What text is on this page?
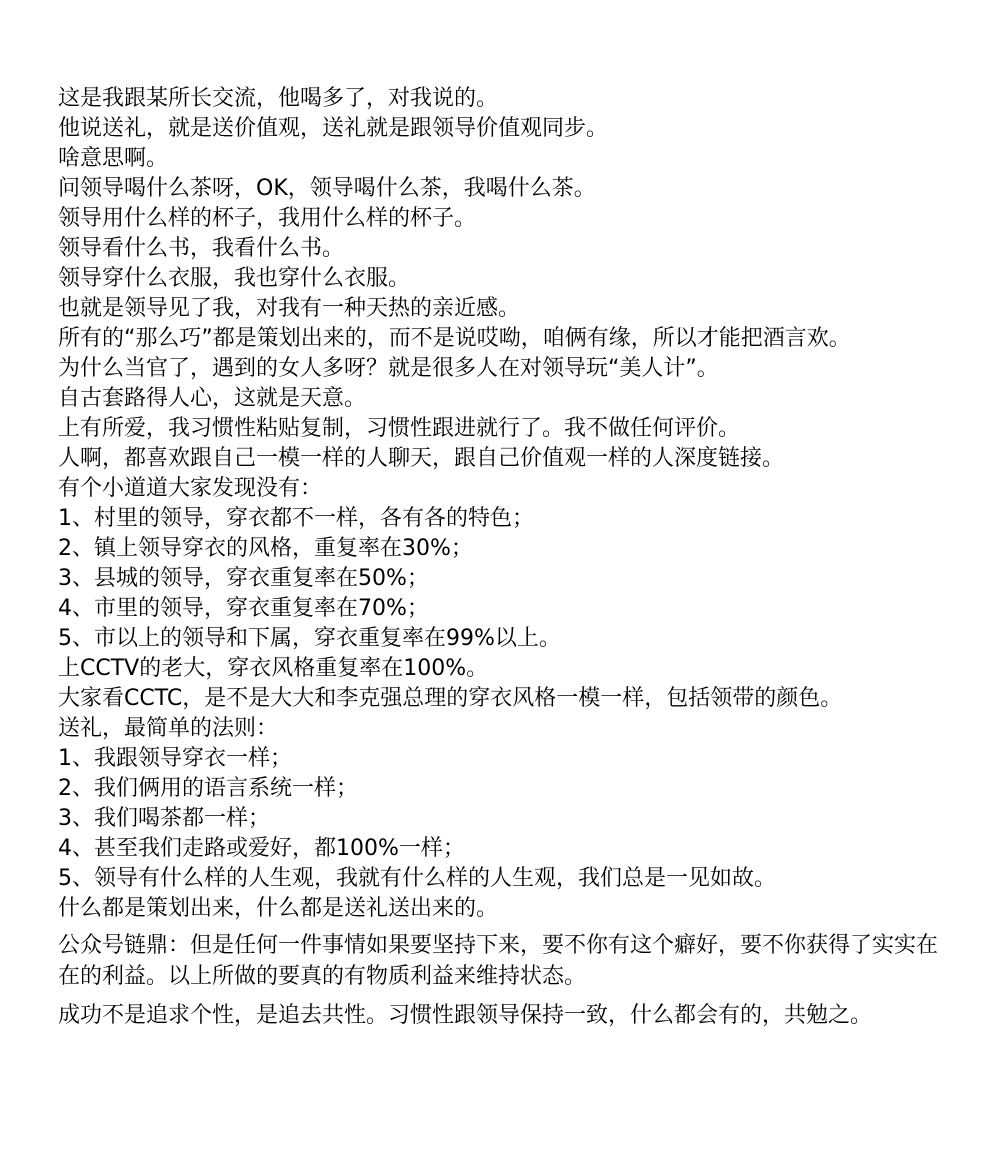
这是我跟某所长交流，他喝多了，对我说的。
他说送礼，就是送价值观，送礼就是跟领导价值观同步。
啥意思啊。
问领导喝什么茶呀，OK，领导喝什么茶，我喝什么茶。
领导用什么样的杯子，我用什么样的杯子。
领导看什么书，我看什么书。
领导穿什么衣服，我也穿什么衣服。
也就是领导见了我，对我有一种天热的亲近感。
所有的“那么巧”都是策划出来的，而不是说哎呦，咱俩有缘，所以才能把酒言欢。
为什么当官了，遇到的女人多呀？就是很多人在对领导玩“美人计”。
自古套路得人心，这就是天意。
上有所爱，我习惯性粘贴复制，习惯性跟进就行了。我不做任何评价。
人啊，都喜欢跟自己一模一样的人聊天，跟自己价值观一样的人深度链接。
有个小道道大家发现没有：
1、村里的领导，穿衣都不一样，各有各的特色；
2、镇上领导穿衣的风格，重复率在30%；
3、县城的领导，穿衣重复率在50%；
4、市里的领导，穿衣重复率在70%；
5、市以上的领导和下属，穿衣重复率在99%以上。
上CCTV的老大，穿衣风格重复率在100%。
大家看CCTC，是不是大大和李克强总理的穿衣风格一模一样，包括领带的颜色。
送礼，最简单的法则：
1、我跟领导穿衣一样；
2、我们俩用的语言系统一样；
3、我们喝茶都一样；
4、甚至我们走路或爱好，都100%一样；
5、领导有什么样的人生观，我就有什么样的人生观，我们总是一见如故。
什么都是策划出来，什么都是送礼送出来的。
公众号链鼎：但是任何一件事情如果要坚持下来，要不你有这个癖好，要不你获得了实实在在的利益。以上所做的要真的有物质利益来维持状态。
成功不是追求个性，是追去共性。习惯性跟领导保持一致，什么都会有的，共勉之。
